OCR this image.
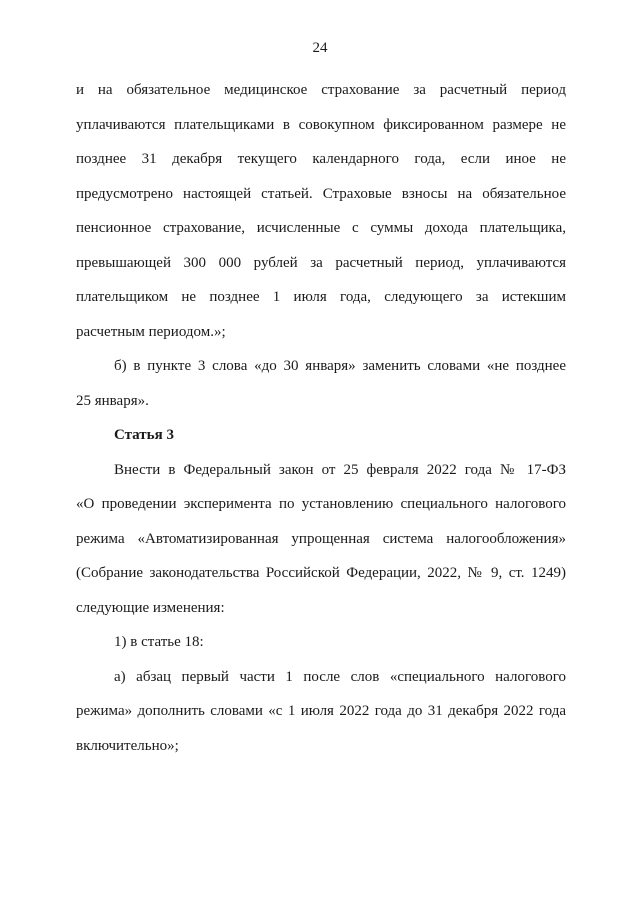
24
и на обязательное медицинское страхование за расчетный период
уплачиваются плательщиками в совокупном фиксированном размере не
позднее 31 декабря текущего календарного года, если иное не
предусмотрено настоящей статьей. Страховые взносы на обязательное
пенсионное страхование, исчисленные с суммы дохода плательщика,
превышающей 300 000 рублей за расчетный период, уплачиваются
плательщиком не позднее 1 июля года, следующего за истекшим
расчетным периодом.»;
б) в пункте 3 слова «до 30 января» заменить словами «не позднее
25 января».
Статья 3
Внести в Федеральный закон от 25 февраля 2022 года № 17-ФЗ
«О проведении эксперимента по установлению специального налогового
режима «Автоматизированная упрощенная система налогообложения»
(Собрание законодательства Российской Федерации, 2022, № 9, ст. 1249)
следующие изменения:
1) в статье 18:
а) абзац первый части 1 после слов «специального налогового
режима» дополнить словами «с 1 июля 2022 года до 31 декабря 2022 года
включительно»;
